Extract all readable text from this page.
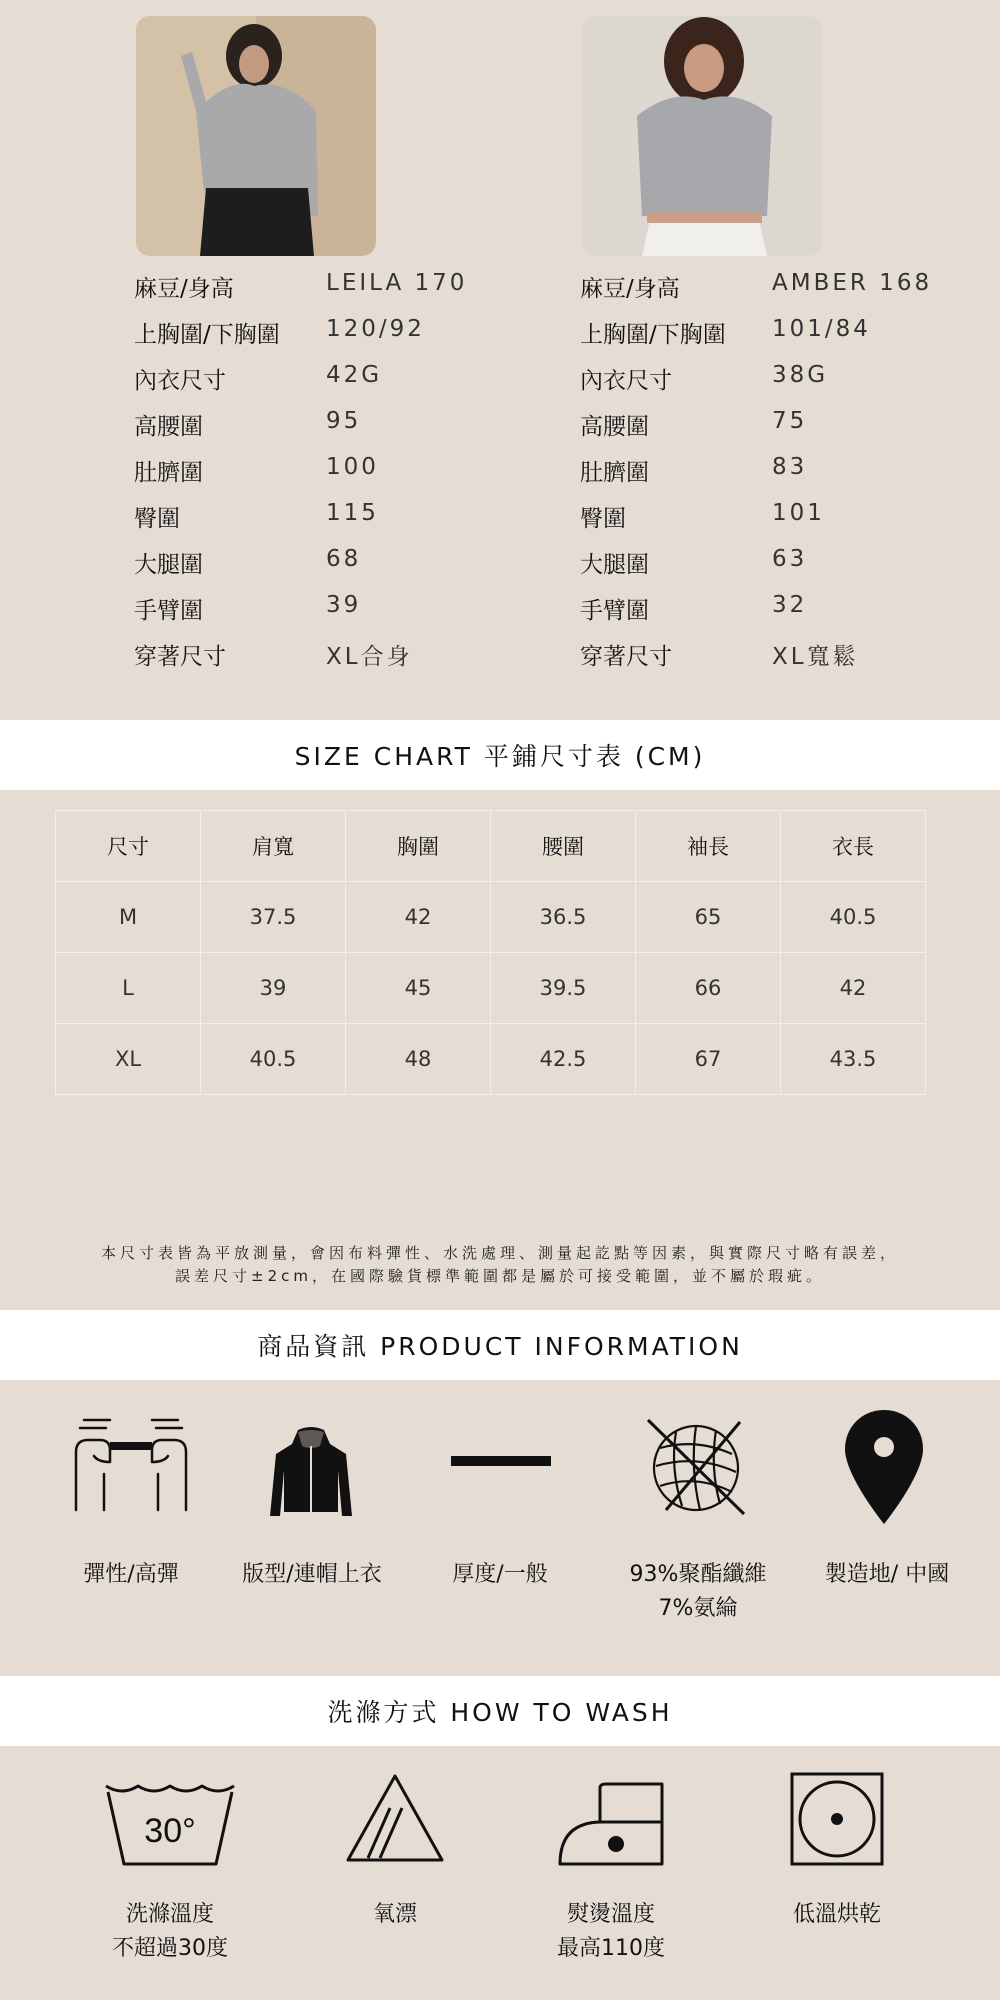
麻豆/身高	LEILA 170
上胸圍/下胸圍 120/92
內衣尺寸	42G
高腰圍	95
肚臍圍	100
臀圍	115
大腿圍	68
手臂圍	39
穿著尺寸	XL合身
麻豆/身高	AMBER 168
上胸圍/下胸圍 101/84
內衣尺寸	38G
高腰圍	75
肚臍圍	83
臀圍	101
大腿圍	63
手臂圍	32
穿著尺寸	XL寬鬆
SIZE CHART 平鋪尺寸表 (CM)
尺寸	肩寬	胸圍	腰圍	袖長	衣長
M	37.5	42	36.5	65	40.5
L	39	45	39.5	66	42
XL	40.5	48	42.5	67	43.5
本尺寸表皆為平放測量，會因布料彈性、水洗處理、測量起訖點等因素，與實際尺寸略有誤差，
誤差尺寸±2cm，在國際驗貨標準範圍都是屬於可接受範圍，並不屬於瑕疵。
商品資訊 PRODUCT INFORMATION
彈性/高彈	版型/連帽上衣	厚度/一般	93%聚酯纖維
7%氨綸
製造地/ 中國
洗滌方式 HOW TO WASH
30°
洗滌溫度
不超過30度
氧漂	熨燙溫度
最高110度
低溫烘乾
